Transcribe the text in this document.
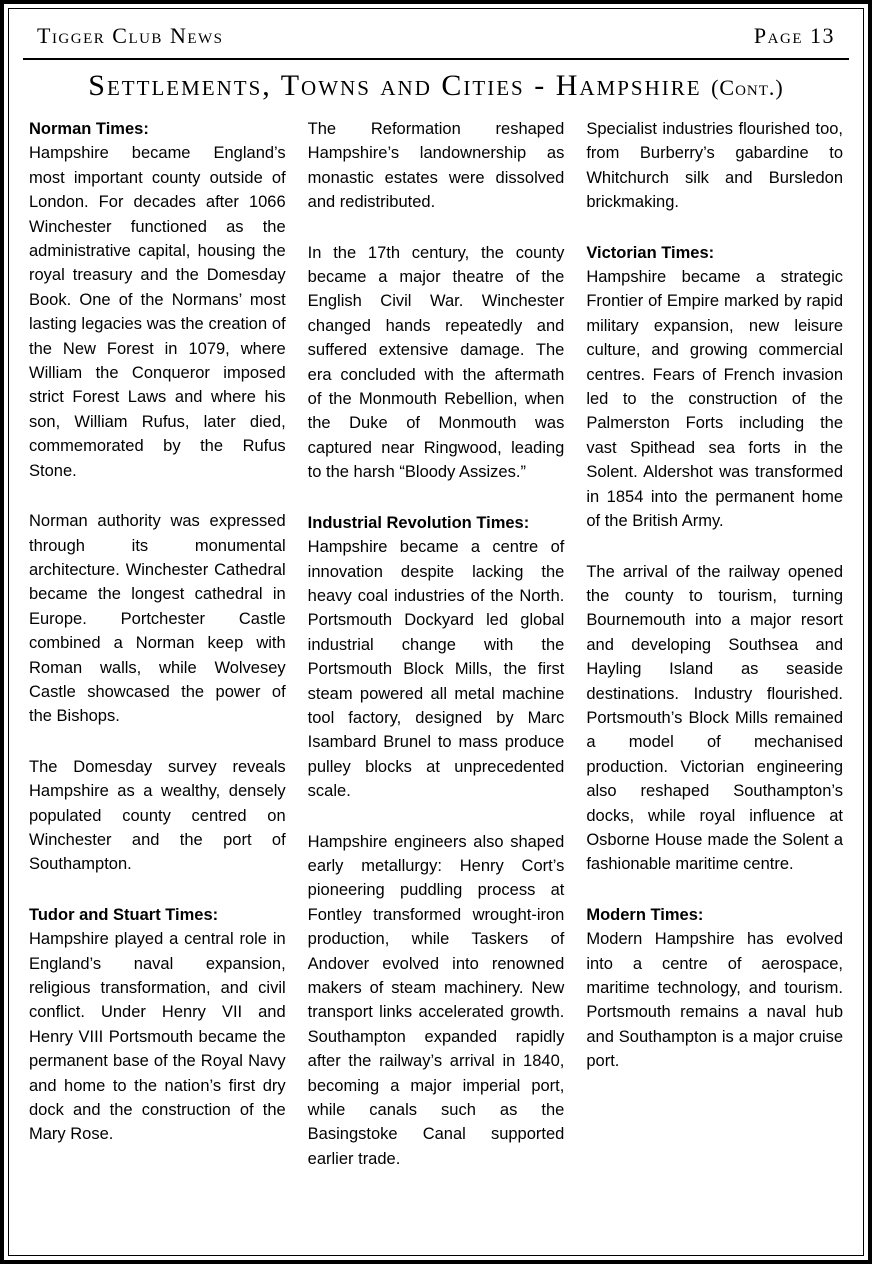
Tigger Club News	Page 13
Settlements, Towns and Cities - Hampshire (Cont.)
Norman Times:

Hampshire became England’s most important county outside of London. For decades after 1066 Winchester functioned as the administrative capital, housing the royal treasury and the Domesday Book. One of the Normans’ most lasting legacies was the creation of the New Forest in 1079, where William the Conqueror imposed strict Forest Laws and where his son, William Rufus, later died, commemorated by the Rufus Stone.

Norman authority was expressed through its monumental architecture. Winchester Cathedral became the longest cathedral in Europe. Portchester Castle combined a Norman keep with Roman walls, while Wolvesey Castle showcased the power of the Bishops.

The Domesday survey reveals Hampshire as a wealthy, densely populated county centred on Winchester and the port of Southampton.

Tudor and Stuart Times:

Hampshire played a central role in England’s naval expansion, religious transformation, and civil conflict. Under Henry VII and Henry VIII Portsmouth became the permanent base of the Royal Navy and home to the nation’s first dry dock and the construction of the Mary Rose.

The Reformation reshaped Hampshire’s landownership as monastic estates were dissolved and redistributed.

In the 17th century, the county became a major theatre of the English Civil War. Winchester changed hands repeatedly and suffered extensive damage. The era concluded with the aftermath of the Monmouth Rebellion, when the Duke of Monmouth was captured near Ringwood, leading to the harsh “Bloody Assizes.”

Industrial Revolution Times:

Hampshire became a centre of innovation despite lacking the heavy coal industries of the North. Portsmouth Dockyard led global industrial change with the Portsmouth Block Mills, the first steam powered all metal machine tool factory, designed by Marc Isambard Brunel to mass produce pulley blocks at unprecedented scale.

Hampshire engineers also shaped early metallurgy: Henry Cort’s pioneering puddling process at Fontley transformed wrought-iron production, while Taskers of Andover evolved into renowned makers of steam machinery. New transport links accelerated growth. Southampton expanded rapidly after the railway’s arrival in 1840, becoming a major imperial port, while canals such as the Basingstoke Canal supported earlier trade.

Specialist industries flourished too, from Burberry’s gabardine to Whitchurch silk and Bursledon brickmaking.

Victorian Times:

Hampshire became a strategic Frontier of Empire marked by rapid military expansion, new leisure culture, and growing commercial centres. Fears of French invasion led to the construction of the Palmerston Forts including the vast Spithead sea forts in the Solent. Aldershot was transformed in 1854 into the permanent home of the British Army.

The arrival of the railway opened the county to tourism, turning Bournemouth into a major resort and developing Southsea and Hayling Island as seaside destinations. Industry flourished. Portsmouth’s Block Mills remained a model of mechanised production. Victorian engineering also reshaped Southampton’s docks, while royal influence at Osborne House made the Solent a fashionable maritime centre.

Modern Times:

Modern Hampshire has evolved into a centre of aerospace, maritime technology, and tourism. Portsmouth remains a naval hub and Southampton is a major cruise port.
